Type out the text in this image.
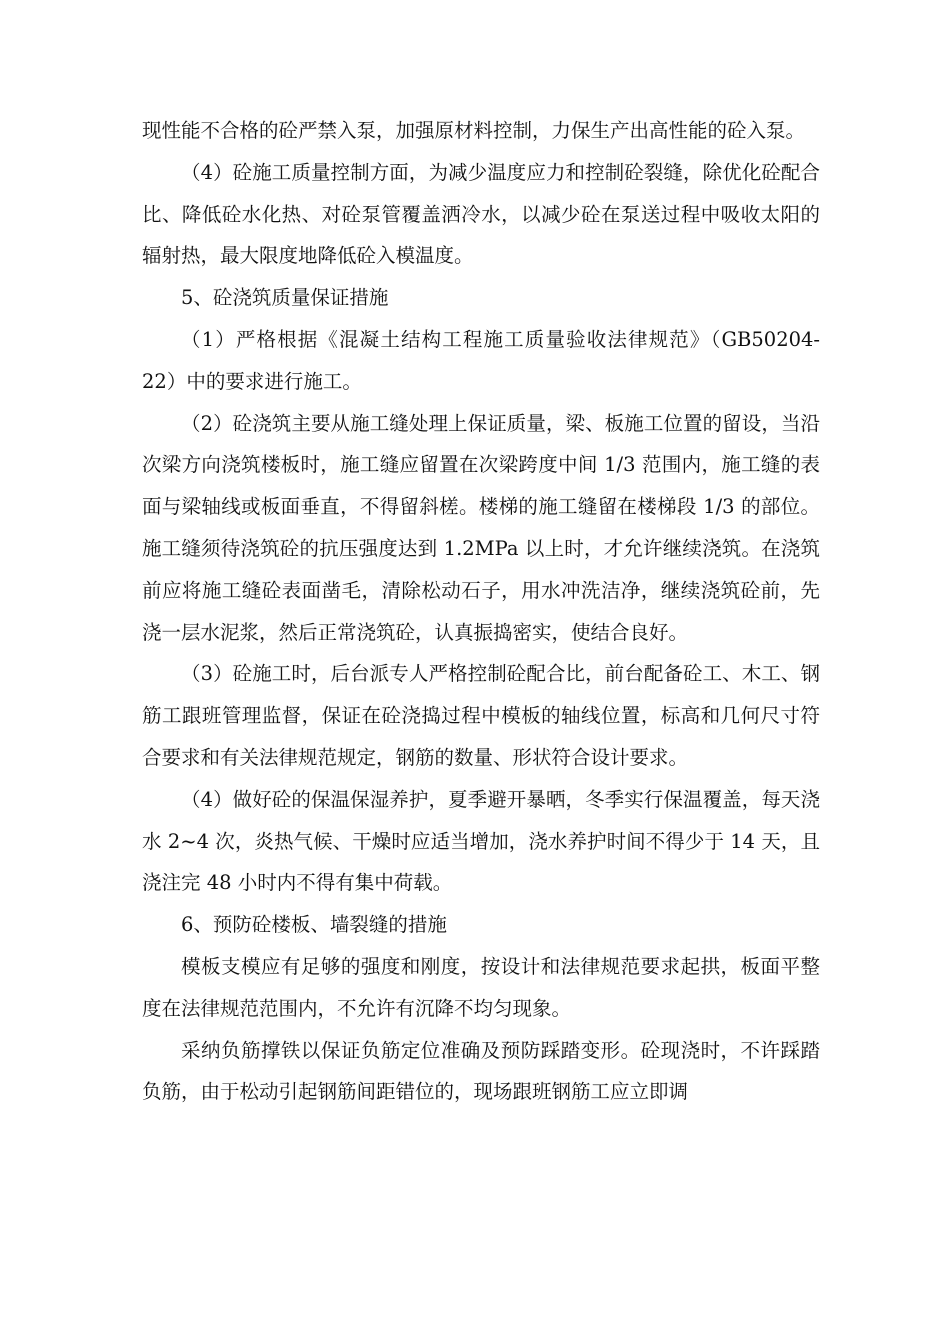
现性能不合格的砼严禁入泵，加强原材料控制，力保生产出高性能的砼入泵。

（4）砼施工质量控制方面，为减少温度应力和控制砼裂缝，除优化砼配合比、降低砼水化热、对砼泵管覆盖洒冷水，以减少砼在泵送过程中吸收太阳的辐射热，最大限度地降低砼入模温度。

5、砼浇筑质量保证措施

（1）严格根据《混凝土结构工程施工质量验收法律规范》（GB50204-22）中的要求进行施工。

（2）砼浇筑主要从施工缝处理上保证质量，梁、板施工位置的留设，当沿次梁方向浇筑楼板时，施工缝应留置在次梁跨度中间 1/3 范围内，施工缝的表面与梁轴线或板面垂直，不得留斜槎。楼梯的施工缝留在楼梯段 1/3 的部位。施工缝须待浇筑砼的抗压强度达到 1.2MPa 以上时，才允许继续浇筑。在浇筑前应将施工缝砼表面凿毛，清除松动石子，用水冲洗洁净，继续浇筑砼前，先浇一层水泥浆，然后正常浇筑砼，认真振捣密实，使结合良好。

（3）砼施工时，后台派专人严格控制砼配合比，前台配备砼工、木工、钢筋工跟班管理监督，保证在砼浇捣过程中模板的轴线位置，标高和几何尺寸符合要求和有关法律规范规定，钢筋的数量、形状符合设计要求。

（4）做好砼的保温保湿养护，夏季避开暴晒，冬季实行保温覆盖，每天浇水 2~4 次，炎热气候、干燥时应适当增加，浇水养护时间不得少于 14 天，且浇注完 48 小时内不得有集中荷载。

6、预防砼楼板、墙裂缝的措施

模板支模应有足够的强度和刚度，按设计和法律规范要求起拱，板面平整度在法律规范范围内，不允许有沉降不均匀现象。

采纳负筋撑铁以保证负筋定位准确及预防踩踏变形。砼现浇时，不许踩踏负筋，由于松动引起钢筋间距错位的，现场跟班钢筋工应立即调
